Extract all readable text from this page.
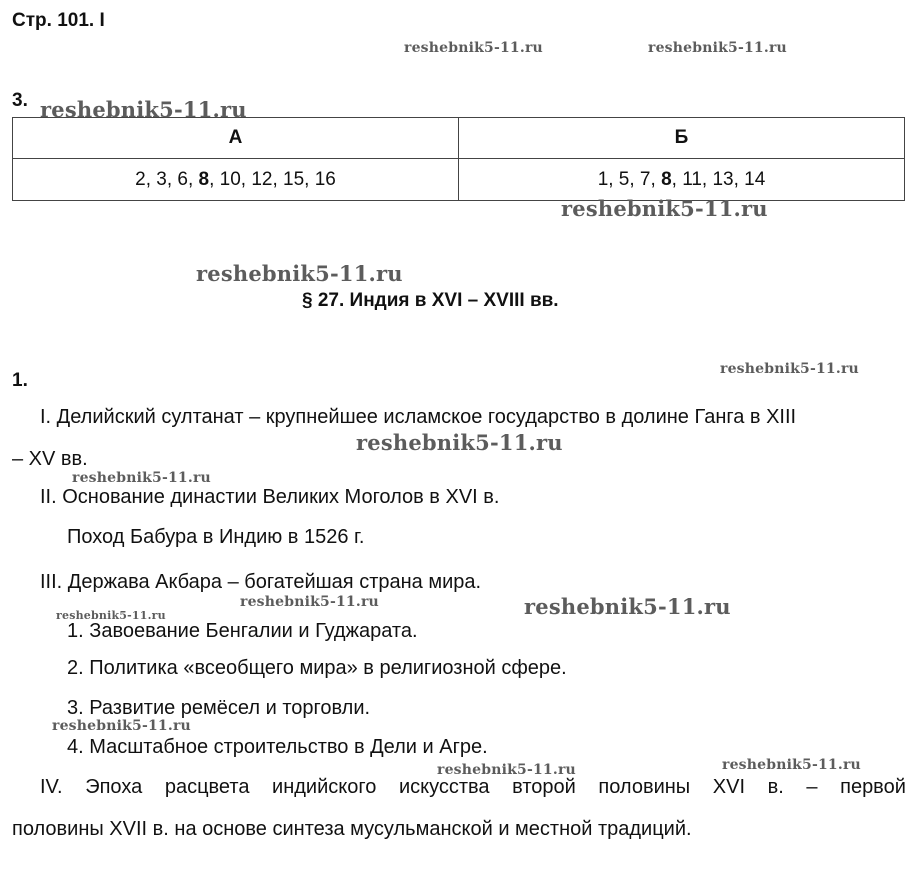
Стр. 101. I
3.
А	Б
2, 3, 6, 8, 10, 12, 15, 16	1, 5, 7, 8, 11, 13, 14
§ 27. Индия в XVI – XVIII вв.
1.
I. Делийский султанат – крупнейшее исламское государство в долине Ганга в XIII
– XV вв.
II. Основание династии Великих Моголов в XVI в.
Поход Бабура в Индию в 1526 г.
III. Держава Акбара – богатейшая страна мира.
1. Завоевание Бенгалии и Гуджарата.
2. Политика «всеобщего мира» в религиозной сфере.
3. Развитие ремёсел и торговли.
4. Масштабное строительство в Дели и Агре.
IV. Эпоха расцвета индийского искусства второй половины XVI в. – первой
половины XVII в. на основе синтеза мусульманской и местной традиций.
reshebnik5-11.ru	reshebnik5-11.ru
reshebnik5-11.ru
reshebnik5-11.ru
reshebnik5-11.ru
reshebnik5-11.ru
reshebnik5-11.ru
reshebnik5-11.ru
reshebnik5-11.ru	reshebnik5-11.ru
reshebnik5-11.ru
reshebnik5-11.ru
reshebnik5-11.ru
reshebnik5-11.ru
